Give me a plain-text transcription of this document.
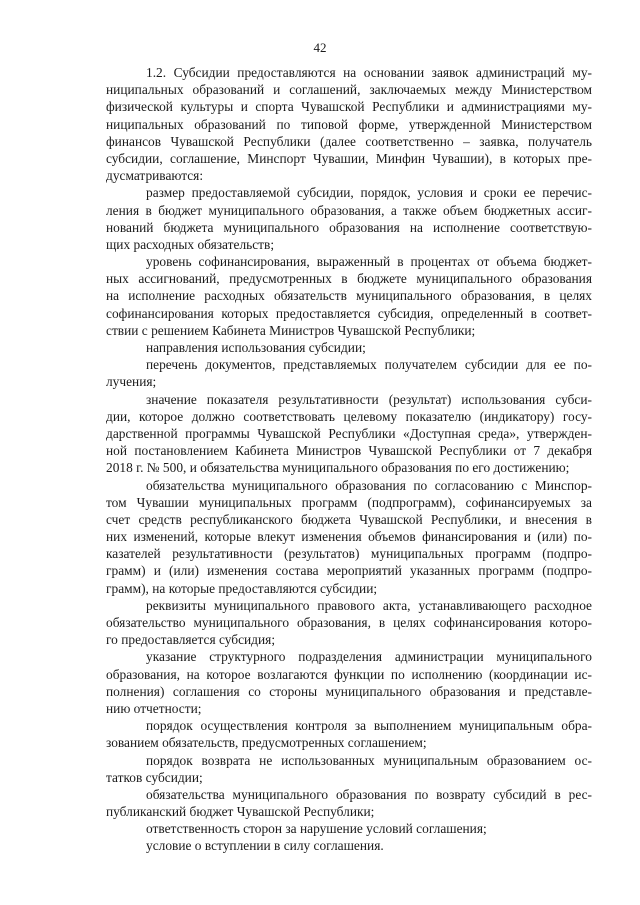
42
1.2. Субсидии предоставляются на основании заявок администраций му-
ниципальных образований и соглашений, заключаемых между Министерством
физической культуры и спорта Чувашской Республики и администрациями му-
ниципальных образований по типовой форме, утвержденной Министерством
финансов Чувашской Республики (далее соответственно – заявка, получатель
субсидии, соглашение, Минспорт Чувашии, Минфин Чувашии), в которых пре-
дусматриваются:
размер предоставляемой субсидии, порядок, условия и сроки ее перечис-
ления в бюджет муниципального образования, а также объем бюджетных ассиг-
нований бюджета муниципального образования на исполнение соответствую-
щих расходных обязательств;
уровень софинансирования, выраженный в процентах от объема бюджет-
ных ассигнований, предусмотренных в бюджете муниципального образования
на исполнение расходных обязательств муниципального образования, в целях
софинансирования которых предоставляется субсидия, определенный в соответ-
ствии с решением Кабинета Министров Чувашской Республики;
направления использования субсидии;
перечень документов, представляемых получателем субсидии для ее по-
лучения;
значение показателя результативности (результат) использования субси-
дии, которое должно соответствовать целевому показателю (индикатору) госу-
дарственной программы Чувашской Республики «Доступная среда», утвержден-
ной постановлением Кабинета Министров Чувашской Республики от 7 декабря
2018 г. № 500, и обязательства муниципального образования по его достижению;
обязательства муниципального образования по согласованию с Минспор-
том Чувашии муниципальных программ (подпрограмм), софинансируемых за
счет средств республиканского бюджета Чувашской Республики, и внесения в
них изменений, которые влекут изменения объемов финансирования и (или) по-
казателей результативности (результатов) муниципальных программ (подпро-
грамм) и (или) изменения состава мероприятий указанных программ (подпро-
грамм), на которые предоставляются субсидии;
реквизиты муниципального правового акта, устанавливающего расходное
обязательство муниципального образования, в целях софинансирования которо-
го предоставляется субсидия;
указание структурного подразделения администрации муниципального
образования, на которое возлагаются функции по исполнению (координации ис-
полнения) соглашения со стороны муниципального образования и представле-
нию отчетности;
порядок осуществления контроля за выполнением муниципальным обра-
зованием обязательств, предусмотренных соглашением;
порядок возврата не использованных муниципальным образованием ос-
татков субсидии;
обязательства муниципального образования по возврату субсидий в рес-
публиканский бюджет Чувашской Республики;
ответственность сторон за нарушение условий соглашения;
условие о вступлении в силу соглашения.
